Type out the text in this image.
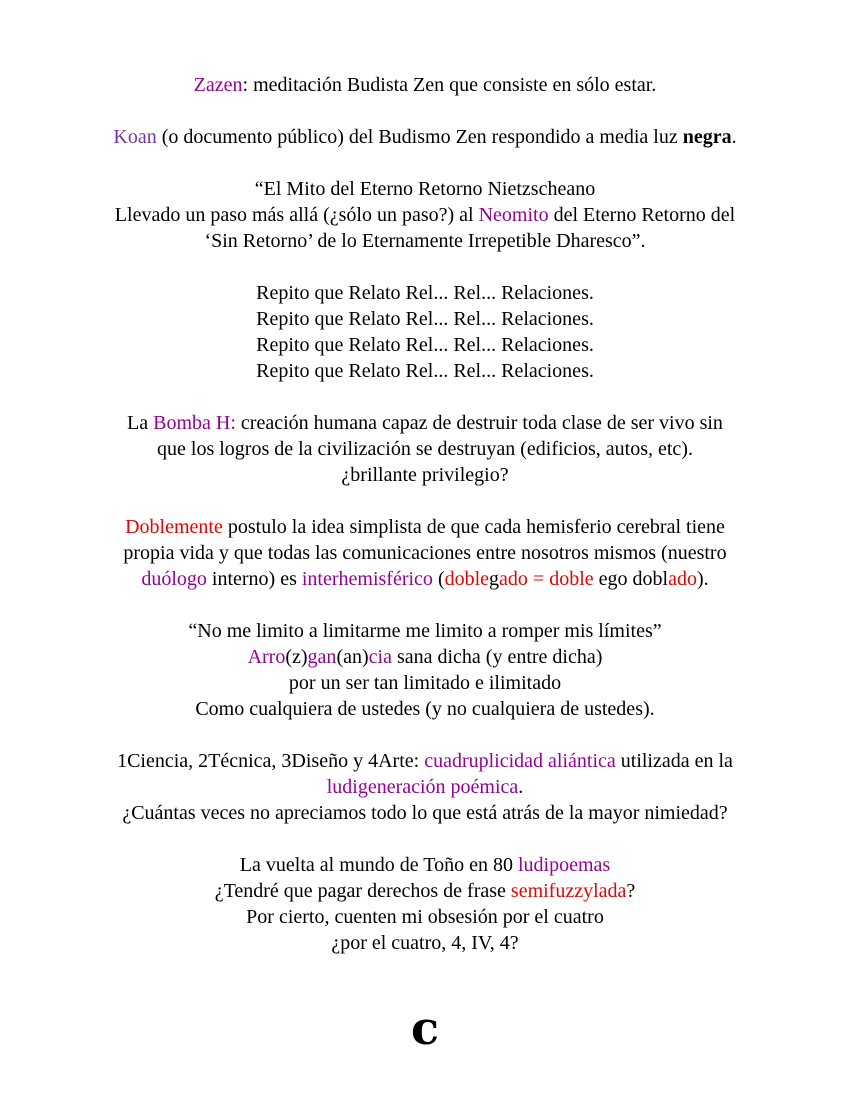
Zazen: meditación Budista Zen que consiste en sólo estar.

Koan (o documento público) del Budismo Zen respondido a media luz negra.

“El Mito del Eterno Retorno Nietzscheano
Llevado un paso más allá (¿sólo un paso?) al Neomito del Eterno Retorno del
‘Sin Retorno’ de lo Eternamente Irrepetible Dharesco”.

Repito que Relato Rel... Rel... Relaciones.
Repito que Relato Rel... Rel... Relaciones.
Repito que Relato Rel... Rel... Relaciones.
Repito que Relato Rel... Rel... Relaciones.

La Bomba H: creación humana capaz de destruir toda clase de ser vivo sin
que los logros de la civilización se destruyan (edificios, autos, etc).
¿brillante privilegio?

Doblemente postulo la idea simplista de que cada hemisferio cerebral tiene
propia vida y que todas las comunicaciones entre nosotros mismos (nuestro
duólogo interno) es interhemisférico (doblegado = doble ego doblado).

“No me limito a limitarme me limito a romper mis límites”
Arro(z)gan(an)cia sana dicha (y entre dicha)
por un ser tan limitado e ilimitado
Como cualquiera de ustedes (y no cualquiera de ustedes).

1Ciencia, 2Técnica, 3Diseño y 4Arte: cuadruplicidad aliántica utilizada en la
ludigeneración poémica.
¿Cuántas veces no apreciamos todo lo que está atrás de la mayor nimiedad?

La vuelta al mundo de Toño en 80 ludipoemas
¿Tendré que pagar derechos de frase semifuzzylada?
Por cierto, cuenten mi obsesión por el cuatro
¿por el cuatro, 4, IV, 4?

c
